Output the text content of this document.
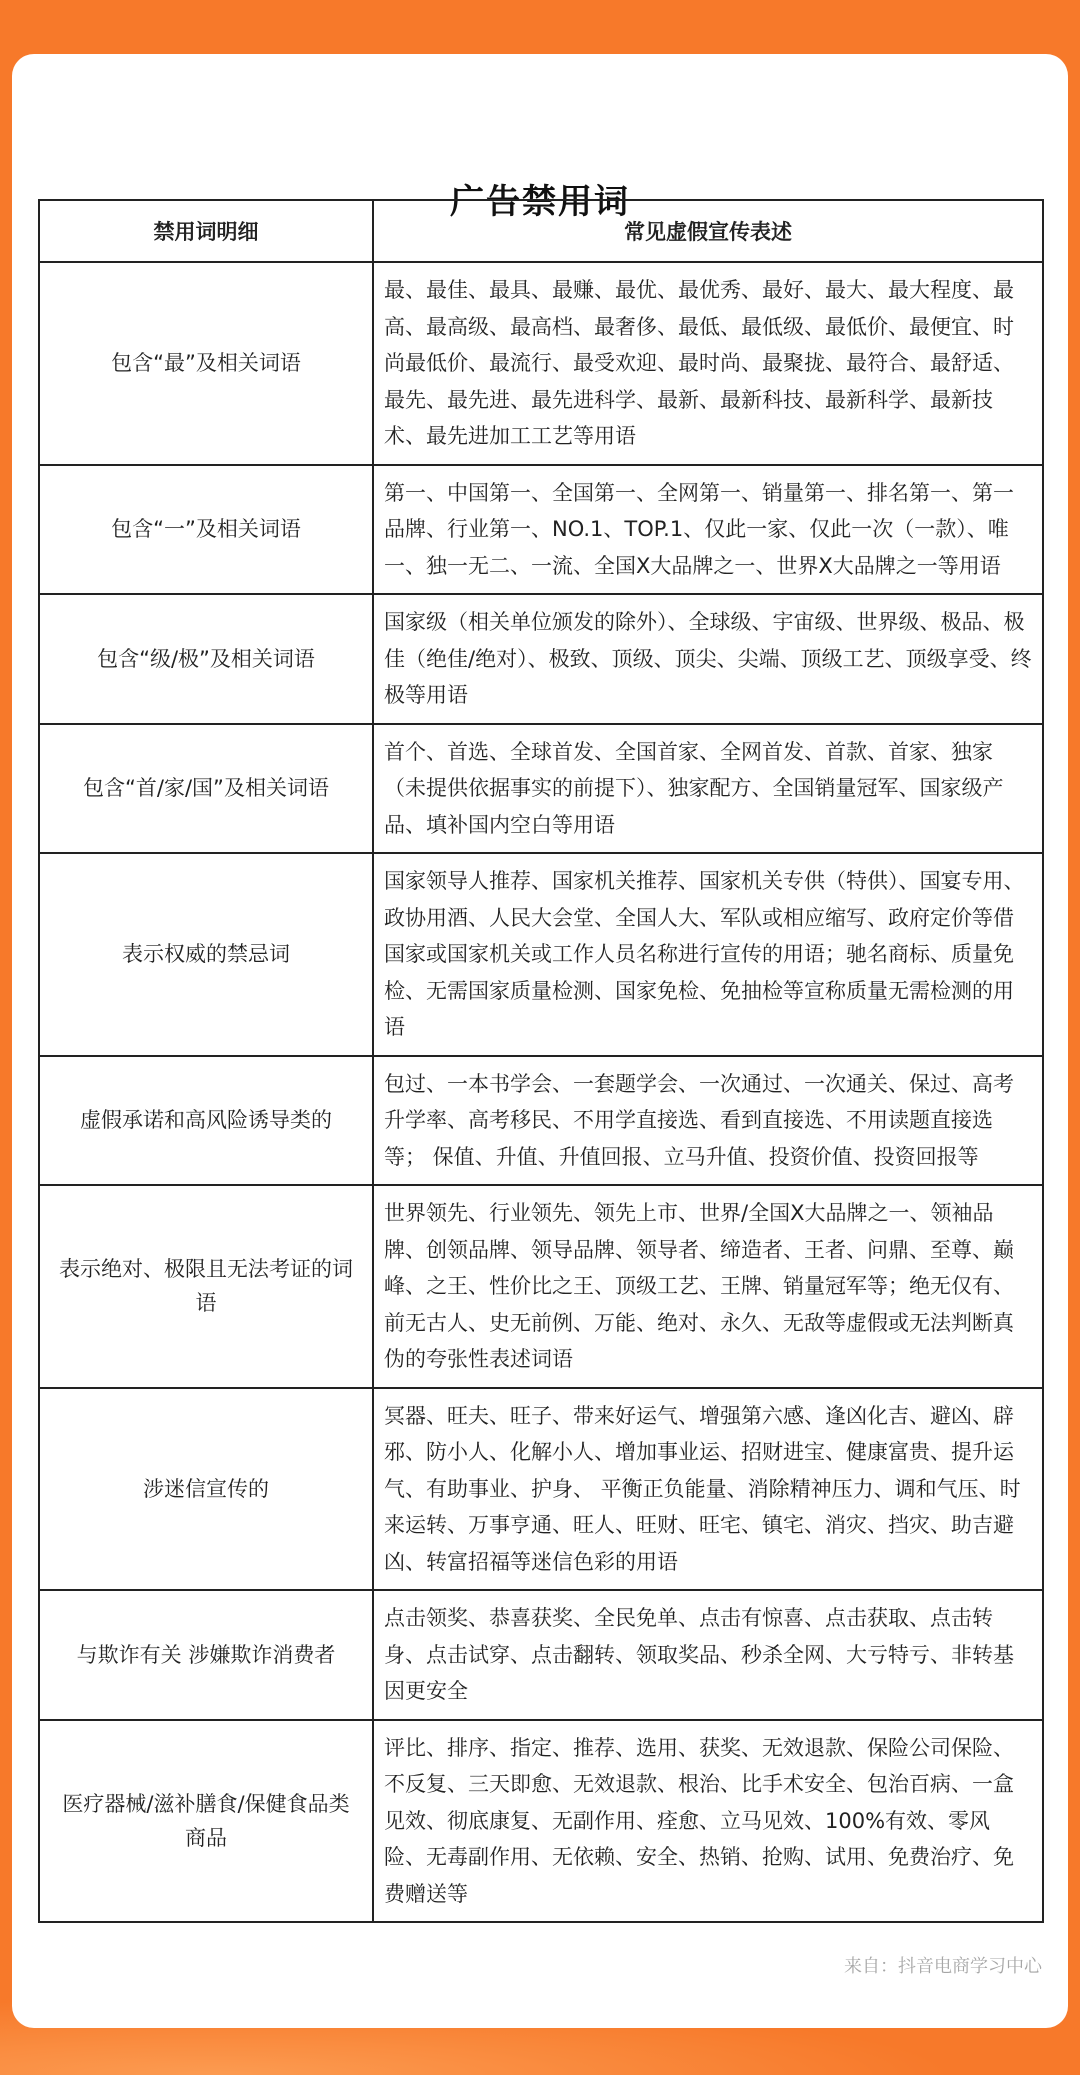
广告禁用词
禁用词明细	常见虚假宣传表述
包含“最”及相关词语	最、最佳、最具、最赚、最优、最优秀、最好、最大、最大程度、最高、最高级、最高档、最奢侈、最低、最低级、最低价、最便宜、时尚最低价、最流行、最受欢迎、最时尚、最聚拢、最符合、最舒适、最先、最先进、最先进科学、最新、最新科技、最新科学、最新技术、最先进加工工艺等用语
包含“一”及相关词语	第一、中国第一、全国第一、全网第一、销量第一、排名第一、第一品牌、行业第一、NO.1、TOP.1、仅此一家、仅此一次（一款）、唯一、独一无二、一流、全国X大品牌之一、世界X大品牌之一等用语
包含“级/极”及相关词语	国家级（相关单位颁发的除外）、全球级、宇宙级、世界级、极品、极佳（绝佳/绝对）、极致、顶级、顶尖、尖端、顶级工艺、顶级享受、终极等用语
包含“首/家/国”及相关词语	首个、首选、全球首发、全国首家、全网首发、首款、首家、独家（未提供依据事实的前提下）、独家配方、全国销量冠军、国家级产品、填补国内空白等用语
表示权威的禁忌词	国家领导人推荐、国家机关推荐、国家机关专供（特供）、国宴专用、政协用酒、人民大会堂、全国人大、军队或相应缩写、政府定价等借国家或国家机关或工作人员名称进行宣传的用语；驰名商标、质量免检、无需国家质量检测、国家免检、免抽检等宣称质量无需检测的用语
虚假承诺和高风险诱导类的	包过、一本书学会、一套题学会、一次通过、一次通关、保过、高考升学率、高考移民、不用学直接选、看到直接选、不用读题直接选等； 保值、升值、升值回报、立马升值、投资价值、投资回报等
表示绝对、极限且无法考证的词语	世界领先、行业领先、领先上市、世界/全国X大品牌之一、领袖品牌、创领品牌、领导品牌、领导者、缔造者、王者、问鼎、至尊、巅峰、之王、性价比之王、顶级工艺、王牌、销量冠军等；绝无仅有、前无古人、史无前例、万能、绝对、永久、无敌等虚假或无法判断真伪的夸张性表述词语
涉迷信宣传的	冥器、旺夫、旺子、带来好运气、增强第六感、逢凶化吉、避凶、辟邪、防小人、化解小人、增加事业运、招财进宝、健康富贵、提升运气、有助事业、护身、 平衡正负能量、消除精神压力、调和气压、时来运转、万事亨通、旺人、旺财、旺宅、镇宅、消灾、挡灾、助吉避凶、转富招福等迷信色彩的用语
与欺诈有关 涉嫌欺诈消费者	点击领奖、恭喜获奖、全民免单、点击有惊喜、点击获取、点击转身、点击试穿、点击翻转、领取奖品、秒杀全网、大亏特亏、非转基因更安全
医疗器械/滋补膳食/保健食品类商品	评比、排序、指定、推荐、选用、获奖、无效退款、保险公司保险、不反复、三天即愈、无效退款、根治、比手术安全、包治百病、一盒见效、彻底康复、无副作用、痊愈、立马见效、100%有效、零风险、无毒副作用、无依赖、安全、热销、抢购、试用、免费治疗、免费赠送等
来自：抖音电商学习中心
